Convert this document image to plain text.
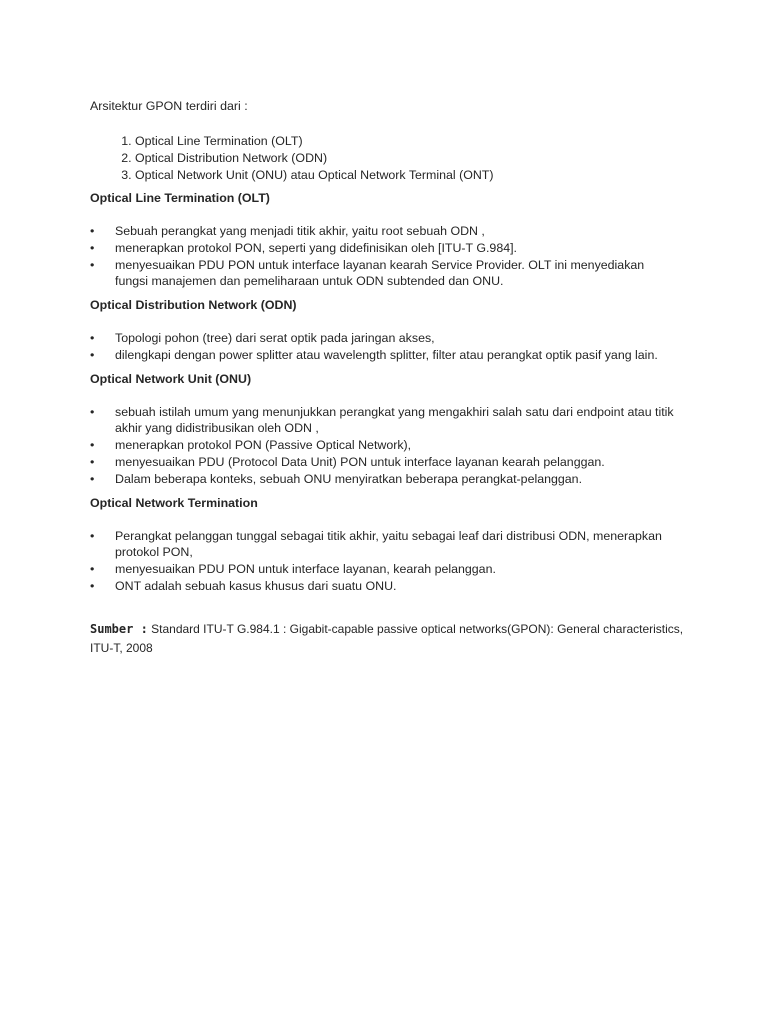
Arsitektur GPON terdiri dari :

1. Optical Line Termination (OLT)
2. Optical Distribution Network (ODN)
3. Optical Network Unit (ONU) atau Optical Network Terminal (ONT)
Optical Line Termination (OLT)
• Sebuah perangkat yang menjadi titik akhir, yaitu root sebuah ODN ,
• menerapkan protokol PON, seperti yang didefinisikan oleh [ITU-T G.984].
• menyesuaikan PDU PON untuk interface layanan kearah Service Provider. OLT ini menyediakan fungsi manajemen dan pemeliharaan untuk ODN subtended dan ONU.
Optical Distribution Network (ODN)
• Topologi pohon (tree) dari serat optik pada jaringan akses,
• dilengkapi dengan power splitter atau wavelength splitter, filter atau perangkat optik pasif yang lain.
Optical Network Unit (ONU)
• sebuah istilah umum yang menunjukkan perangkat yang mengakhiri salah satu dari endpoint atau titik akhir yang didistribusikan oleh ODN ,
• menerapkan protokol PON (Passive Optical Network),
• menyesuaikan PDU (Protocol Data Unit) PON untuk interface layanan kearah pelanggan.
• Dalam beberapa konteks, sebuah ONU menyiratkan beberapa perangkat-pelanggan.
Optical Network Termination
• Perangkat pelanggan tunggal sebagai titik akhir, yaitu sebagai leaf dari distribusi ODN, menerapkan protokol PON,
• menyesuaikan PDU PON untuk interface layanan, kearah pelanggan.
• ONT adalah sebuah kasus khusus dari suatu ONU.

Sumber : Standard ITU-T G.984.1 : Gigabit-capable passive optical networks(GPON): General characteristics, ITU-T, 2008
